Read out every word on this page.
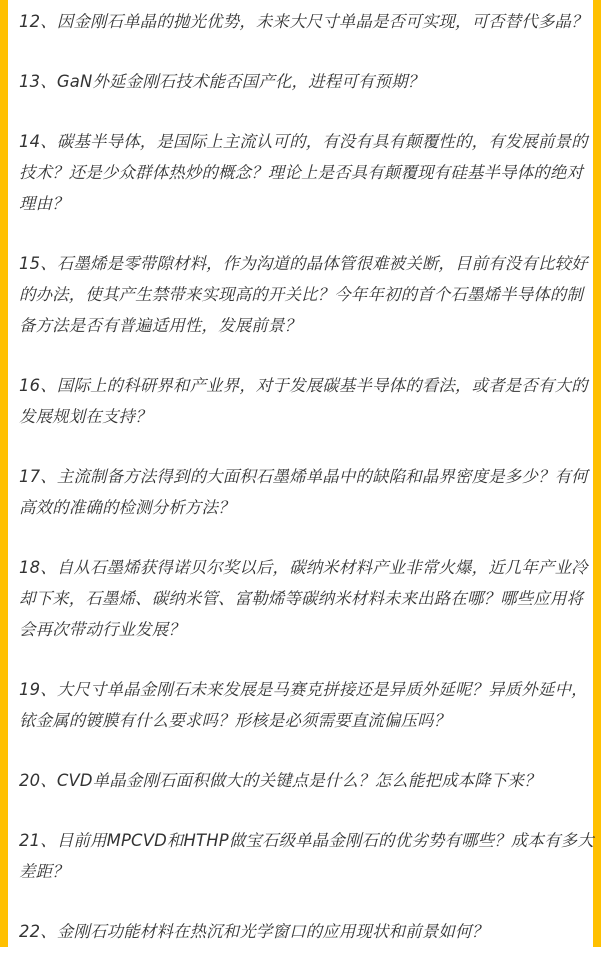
12、因金刚石单晶的抛光优势，未来大尺寸单晶是否可实现，可否替代多晶？

13、GaN外延金刚石技术能否国产化，进程可有预期？

14、碳基半导体，是国际上主流认可的，有没有具有颠覆性的，有发展前景的技术？还是少众群体热炒的概念？理论上是否具有颠覆现有硅基半导体的绝对理由？

15、石墨烯是零带隙材料，作为沟道的晶体管很难被关断，目前有没有比较好的办法，使其产生禁带来实现高的开关比？今年年初的首个石墨烯半导体的制备方法是否有普遍适用性，发展前景？

16、国际上的科研界和产业界，对于发展碳基半导体的看法，或者是否有大的发展规划在支持？

17、主流制备方法得到的大面积石墨烯单晶中的缺陷和晶界密度是多少？有何高效的准确的检测分析方法？

18、自从石墨烯获得诺贝尔奖以后，碳纳米材料产业非常火爆，近几年产业冷却下来，石墨烯、碳纳米管、富勒烯等碳纳米材料未来出路在哪？哪些应用将会再次带动行业发展？

19、大尺寸单晶金刚石未来发展是马赛克拼接还是异质外延呢？异质外延中，铱金属的镀膜有什么要求吗？形核是必须需要直流偏压吗？

20、CVD单晶金刚石面积做大的关键点是什么？怎么能把成本降下来？

21、目前用MPCVD和HTHP做宝石级单晶金刚石的优劣势有哪些？成本有多大差距？

22、金刚石功能材料在热沉和光学窗口的应用现状和前景如何？
